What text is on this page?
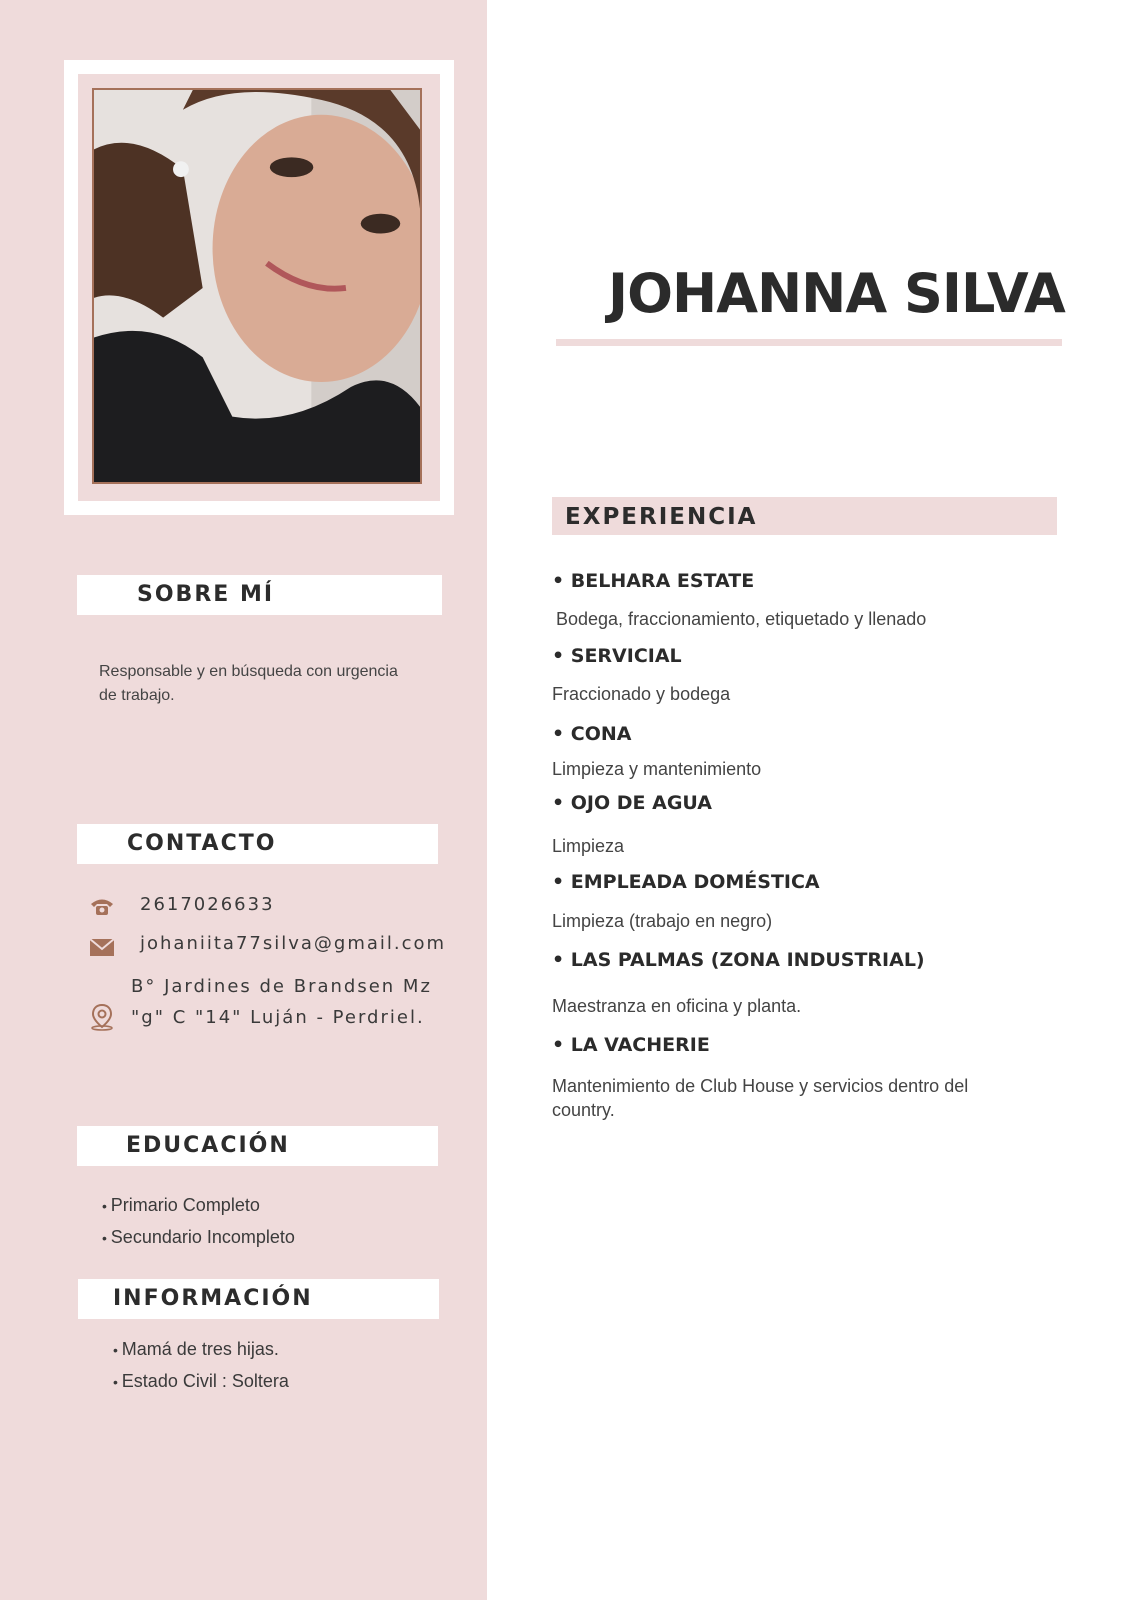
SOBRE MÍ
Responsable y en búsqueda con urgencia de trabajo.
CONTACTO
2617026633
johaniita77silva@gmail.com
B° Jardines de Brandsen Mz
"g" C "14" Luján - Perdriel.
EDUCACIÓN
• Primario Completo
• Secundario Incompleto
INFORMACIÓN
• Mamá de tres hijas.
• Estado Civil : Soltera
JOHANNA SILVA
EXPERIENCIA
• BELHARA ESTATE
Bodega, fraccionamiento, etiquetado y llenado
• SERVICIAL
Fraccionado y bodega
• CONA
Limpieza y mantenimiento
• OJO DE AGUA
Limpieza
• EMPLEADA DOMÉSTICA
Limpieza (trabajo en negro)
• LAS PALMAS (ZONA INDUSTRIAL)
Maestranza en oficina y planta.
• LA VACHERIE
Mantenimiento de Club House y servicios dentro del country.
